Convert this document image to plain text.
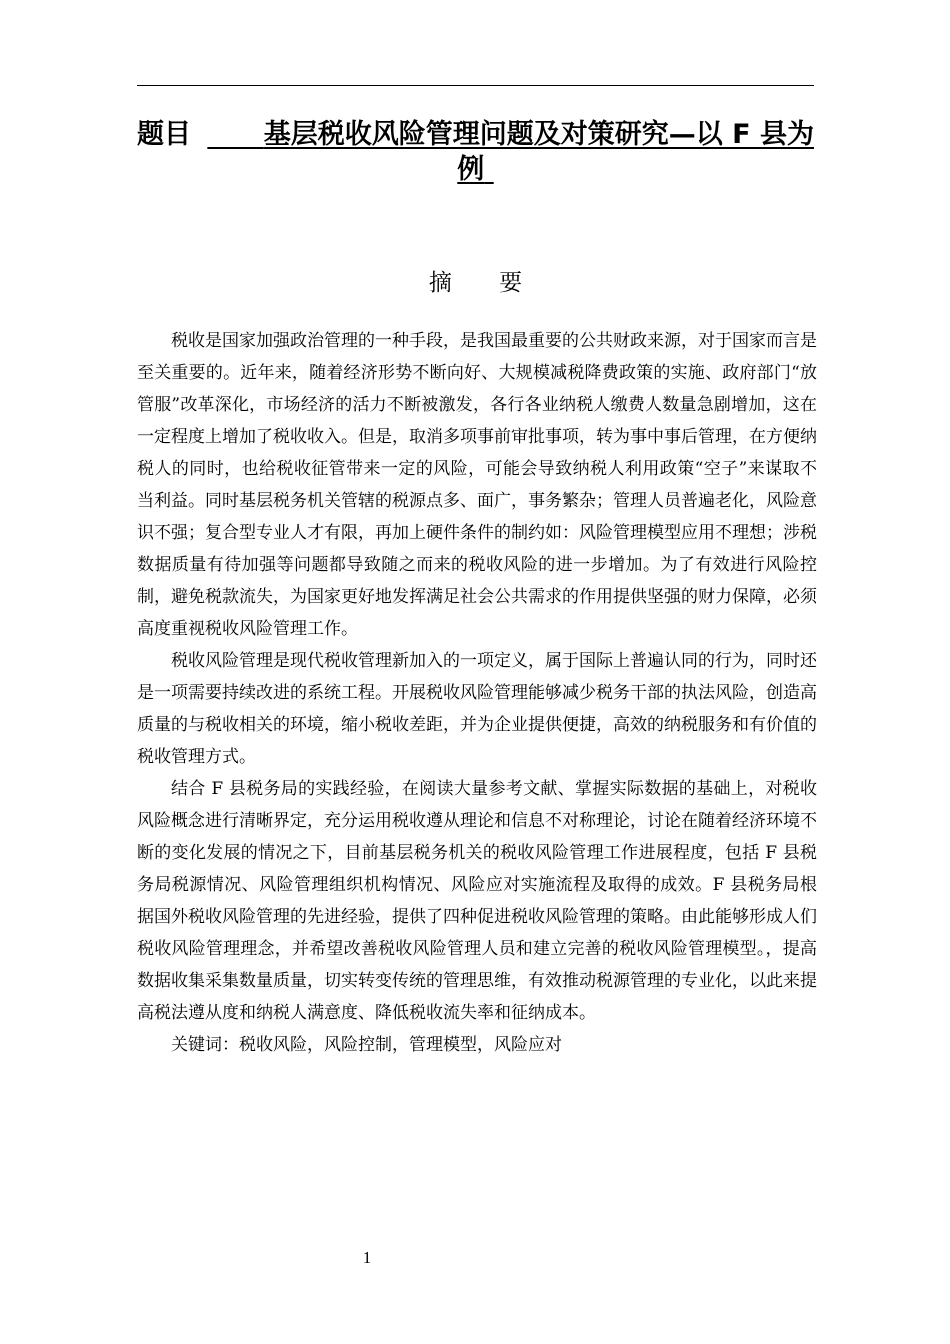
题目	基层税收风险管理问题及对策研究—以 F 县为
例
摘 要

税收是国家加强政治管理的一种手段，是我国最重要的公共财政来源，对于国家而言是至关重要的。近年来，随着经济形势不断向好、大规模减税降费政策的实施、政府部门“放管服”改革深化，市场经济的活力不断被激发，各行各业纳税人缴费人数量急剧增加，这在一定程度上增加了税收收入。但是，取消多项事前审批事项，转为事中事后管理，在方便纳税人的同时，也给税收征管带来一定的风险，可能会导致纳税人利用政策“空子”来谋取不当利益。同时基层税务机关管辖的税源点多、面广，事务繁杂；管理人员普遍老化，风险意识不强；复合型专业人才有限，再加上硬件条件的制约如：风险管理模型应用不理想；涉税数据质量有待加强等问题都导致随之而来的税收风险的进一步增加。为了有效进行风险控制，避免税款流失，为国家更好地发挥满足社会公共需求的作用提供坚强的财力保障，必须高度重视税收风险管理工作。

税收风险管理是现代税收管理新加入的一项定义，属于国际上普遍认同的行为，同时还是一项需要持续改进的系统工程。开展税收风险管理能够减少税务干部的执法风险，创造高质量的与税收相关的环境，缩小税收差距，并为企业提供便捷，高效的纳税服务和有价值的税收管理方式。

结合 F 县税务局的实践经验，在阅读大量参考文献、掌握实际数据的基础上，对税收风险概念进行清晰界定，充分运用税收遵从理论和信息不对称理论，讨论在随着经济环境不断的变化发展的情况之下，目前基层税务机关的税收风险管理工作进展程度，包括 F 县税务局税源情况、风险管理组织机构情况、风险应对实施流程及取得的成效。F 县税务局根据国外税收风险管理的先进经验，提供了四种促进税收风险管理的策略。由此能够形成人们税收风险管理理念，并希望改善税收风险管理人员和建立完善的税收风险管理模型。，提高数据收集采集数量质量，切实转变传统的管理思维，有效推动税源管理的专业化，以此来提高税法遵从度和纳税人满意度、降低税收流失率和征纳成本。

关键词：税收风险，风险控制，管理模型，风险应对

1
